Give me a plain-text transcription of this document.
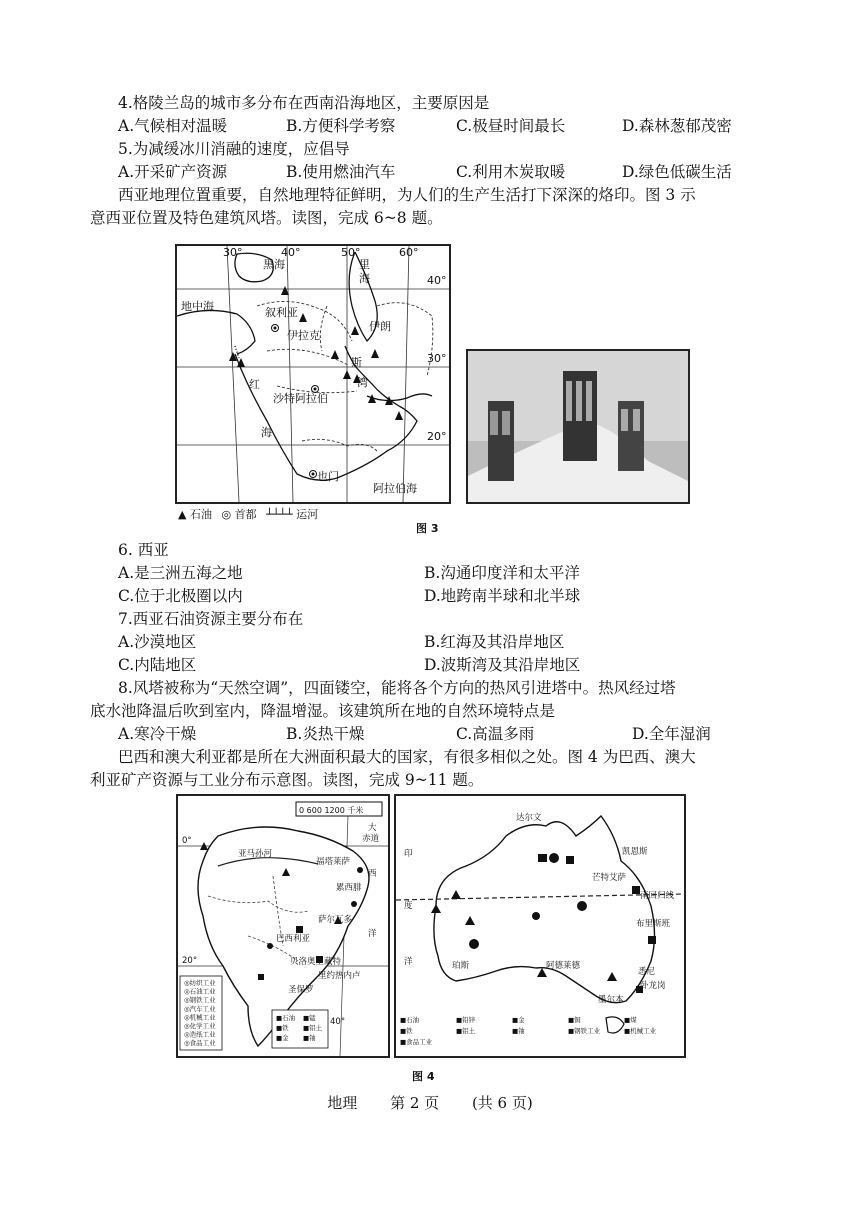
4.格陵兰岛的城市多分布在西南沿海地区，主要原因是
A.气候相对温暖	B.方便科学考察	C.极昼时间最长	D.森林葱郁茂密
5.为减缓冰川消融的速度，应倡导
A.开采矿产资源	B.使用燃油汽车	C.利用木炭取暖	D.绿色低碳生活
西亚地理位置重要，自然地理特征鲜明，为人们的生产生活打下深深的烙印。图 3 示
意西亚位置及特色建筑风塔。读图，完成 6~8 题。
30°	40°	50°	60°
40°
30°
20°
黑海	里
海
地中海	叙利亚
伊拉克
伊朗
红
海
沙特阿拉伯
斯
湾
也门
阿拉伯海
▲ 石油 ◎ 首都 ┴┴┴┴ 运河
图 3
6. 西亚
A.是三洲五海之地	B.沟通印度洋和太平洋
C.位于北极圈以内	D.地跨南半球和北半球
7.西亚石油资源主要分布在
A.沙漠地区	B.红海及其沿岸地区
C.内陆地区	D.波斯湾及其沿岸地区
8.风塔被称为“天然空调”，四面镂空，能将各个方向的热风引进塔中。热风经过塔
底水池降温后吹到室内，降温增湿。该建筑所在地的自然环境特点是
A.寒冷干燥	B.炎热干燥	C.高温多雨	D.全年湿润
巴西和澳大利亚都是所在大洲面积最大的国家，有很多相似之处。图 4 为巴西、澳大
利亚矿产资源与工业分布示意图。读图，完成 9~11 题。
0 600 1200 千米
0°
20°
40°
亚马孙河
赤道
大
西
洋
福塔莱萨
巴西利亚
贝洛奥里藏特
里约热内卢
圣保罗
累西腓
萨尔瓦多
◎纺织工业
◎石油工业
◎钢铁工业
◎汽车工业
◎机械工业
◎化学工业
◎造纸工业
◎食品工业
■石油 ■锰
■铁 ■铝土
■金 ■铀
印
度
洋
达尔文
凯恩斯
芒特艾萨
南回归线
布里斯班
珀斯	阿德莱德
悉尼
墨尔本
卧龙岗
■石油	■铅锌	■金	■铜	■煤
■铁	■铝土	■铀	■钢铁工业	■机械工业
■食品工业
图 4
地理 第 2 页 (共 6 页)
